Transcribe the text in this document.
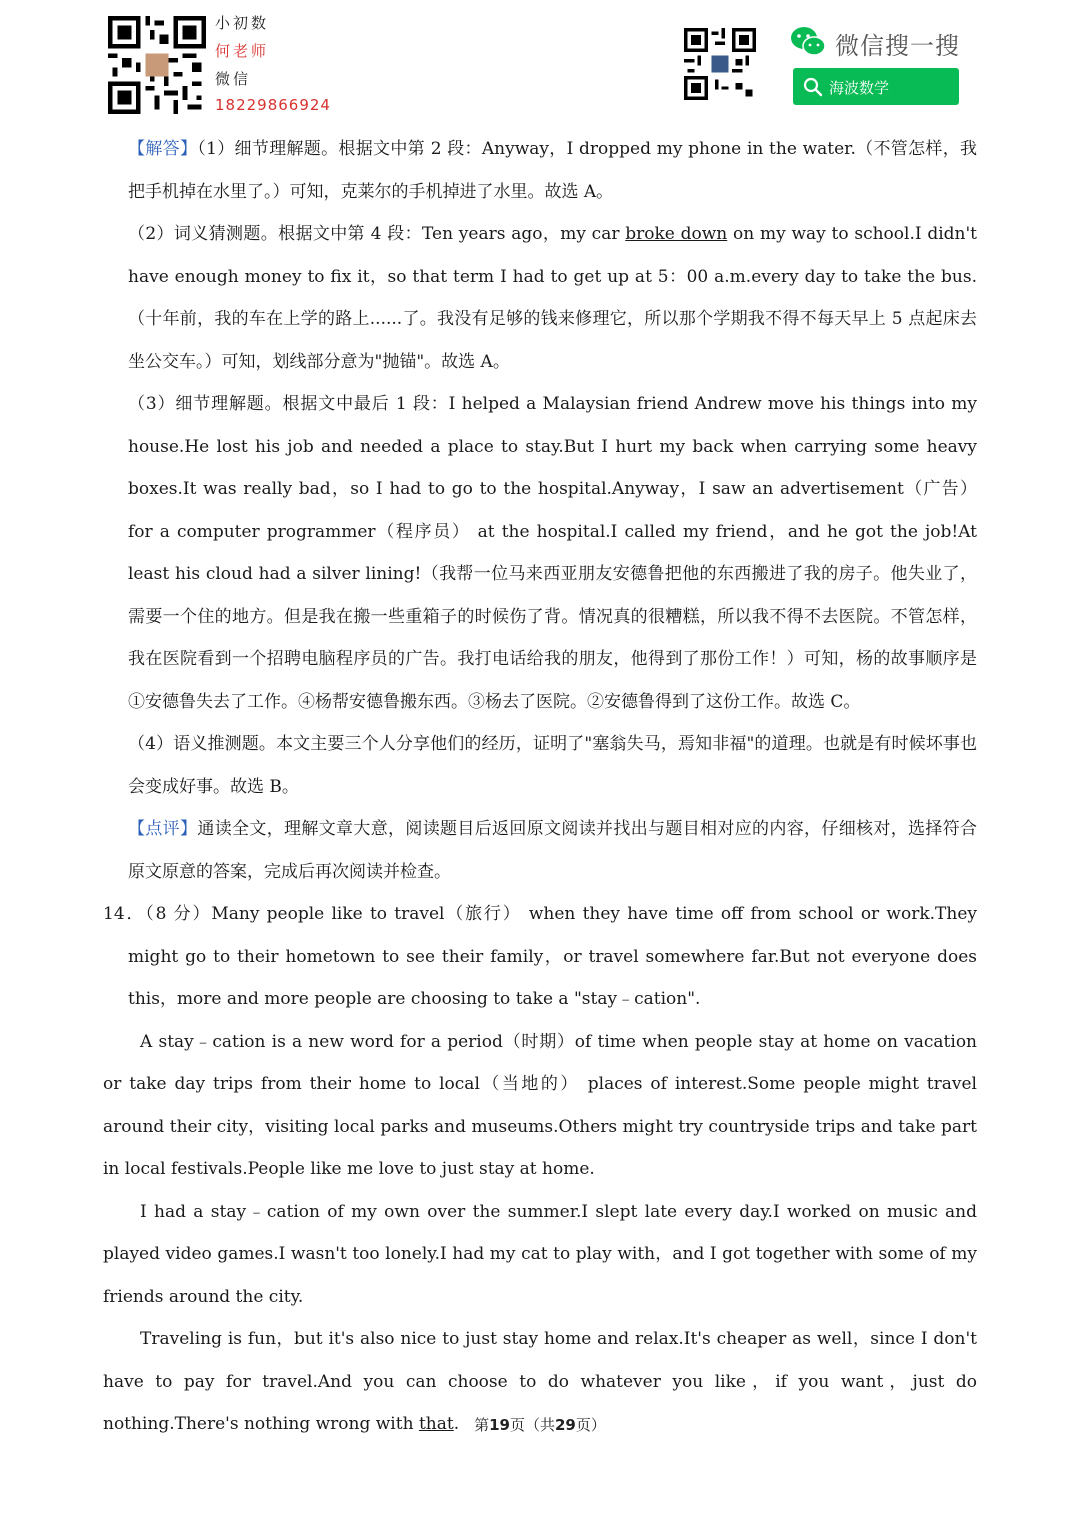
小初数
何老师
微信
18229866924
微信搜一搜
海波数学

【解答】（1）细节理解题。根据文中第 2 段：Anyway，I dropped my phone in the water.（不管怎样，我把手机掉在水里了。）可知，克莱尔的手机掉进了水里。故选 A。

（2）词义猜测题。根据文中第 4 段：Ten years ago，my car broke down on my way to school.I didn't have enough money to fix it，so that term I had to get up at 5：00 a.m.every day to take the bus.（十年前，我的车在上学的路上......了。我没有足够的钱来修理它，所以那个学期我不得不每天早上 5 点起床去坐公交车。）可知，划线部分意为"抛锚"。故选 A。

（3）细节理解题。根据文中最后 1 段：I helped a Malaysian friend Andrew move his things into my house.He lost his job and needed a place to stay.But I hurt my back when carrying some heavy boxes.It was really bad，so I had to go to the hospital.Anyway，I saw an advertisement（广告） for a computer programmer（程序员） at the hospital.I called my friend，and he got the job!At least his cloud had a silver lining!（我帮一位马来西亚朋友安德鲁把他的东西搬进了我的房子。他失业了，需要一个住的地方。但是我在搬一些重箱子的时候伤了背。情况真的很糟糕，所以我不得不去医院。不管怎样，我在医院看到一个招聘电脑程序员的广告。我打电话给我的朋友，他得到了那份工作！）可知，杨的故事顺序是①安德鲁失去了工作。④杨帮安德鲁搬东西。③杨去了医院。②安德鲁得到了这份工作。故选 C。

（4）语义推测题。本文主要三个人分享他们的经历，证明了"塞翁失马，焉知非福"的道理。也就是有时候坏事也会变成好事。故选 B。

【点评】通读全文，理解文章大意，阅读题目后返回原文阅读并找出与题目相对应的内容，仔细核对，选择符合原文原意的答案，完成后再次阅读并检查。

14．（8 分）Many people like to travel（旅行） when they have time off from school or work.They might go to their hometown to see their family，or travel somewhere far.But not everyone does this，more and more people are choosing to take a "stay﹣cation".

A stay﹣cation is a new word for a period（时期）of time when people stay at home on vacation or take day trips from their home to local（当地的） places of interest.Some people might travel around their city，visiting local parks and museums.Others might try countryside trips and take part in local festivals.People like me love to just stay at home.

I had a stay﹣cation of my own over the summer.I slept late every day.I worked on music and played video games.I wasn't too lonely.I had my cat to play with，and I got together with some of my friends around the city.

Traveling is fun，but it's also nice to just stay home and relax.It's cheaper as well，since I don't have to pay for travel.And you can choose to do whatever you like，if you want，just do nothing.There's nothing wrong with that.	第19页（共29页）
